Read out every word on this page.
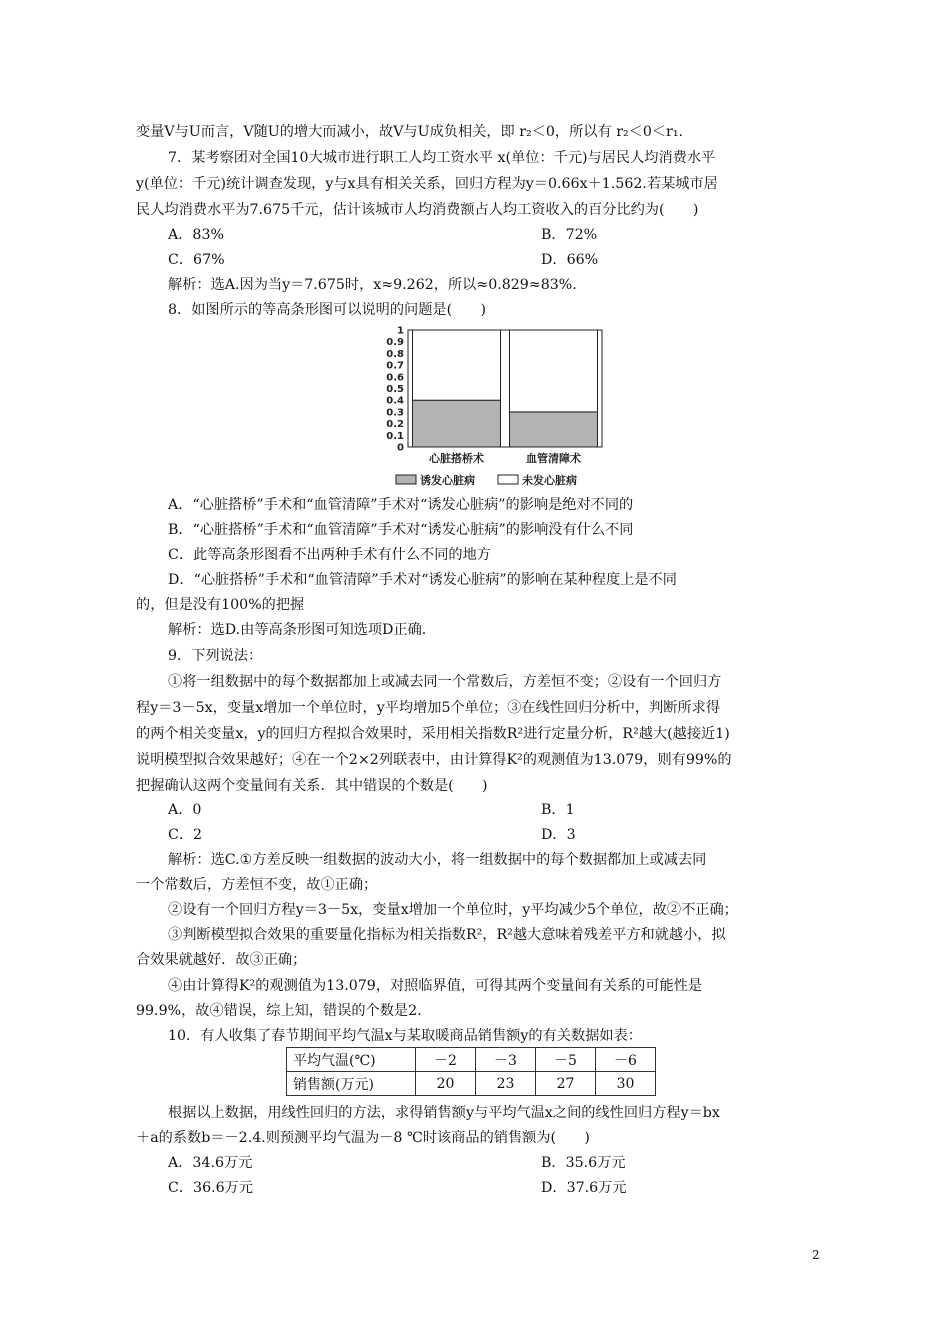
变量V与U而言，V随U的增大而减小，故V与U成负相关，即 r₂＜0，所以有 r₂＜0＜r₁.
7．某考察团对全国10大城市进行职工人均工资水平 x(单位：千元)与居民人均消费水平
y(单位：千元)统计调查发现，y与x具有相关关系，回归方程为y＝0.66x＋1.562.若某城市居
民人均消费水平为7.675千元，估计该城市人均消费额占人均工资收入的百分比约为(　　)
A．83%	B．72%
C．67%	D．66%
解析：选A.因为当y＝7.675时，x≈9.262，所以≈0.829≈83%.
8．如图所示的等高条形图可以说明的问题是(　　)
0
0.1
0.2
0.3
0.4
0.5
0.6
0.7
0.8
0.9
1
心脏搭桥术	血管清障术
诱发心脏病	未发心脏病
A．“心脏搭桥”手术和“血管清障”手术对“诱发心脏病”的影响是绝对不同的
B．“心脏搭桥”手术和“血管清障”手术对“诱发心脏病”的影响没有什么不同
C．此等高条形图看不出两种手术有什么不同的地方
D．“心脏搭桥”手术和“血管清障”手术对“诱发心脏病”的影响在某种程度上是不同
的，但是没有100%的把握
解析：选D.由等高条形图可知选项D正确.
9．下列说法：
①将一组数据中的每个数据都加上或减去同一个常数后，方差恒不变；②设有一个回归方
程y＝3－5x，变量x增加一个单位时，y平均增加5个单位；③在线性回归分析中，判断所求得
的两个相关变量x，y的回归方程拟合效果时，采用相关指数R²进行定量分析，R²越大(越接近1)
说明模型拟合效果越好；④在一个2×2列联表中，由计算得K²的观测值为13.079，则有99%的
把握确认这两个变量间有关系．其中错误的个数是(　　)
A．0	B．1
C．2	D．3
解析：选C.①方差反映一组数据的波动大小，将一组数据中的每个数据都加上或减去同
一个常数后，方差恒不变，故①正确；
②设有一个回归方程y＝3－5x，变量x增加一个单位时，y平均减少5个单位，故②不正确；
③判断模型拟合效果的重要量化指标为相关指数R²，R²越大意味着残差平方和就越小，拟
合效果就越好．故③正确；
④由计算得K²的观测值为13.079，对照临界值，可得其两个变量间有关系的可能性是
99.9%，故④错误，综上知，错误的个数是2.
10．有人收集了春节期间平均气温x与某取暖商品销售额y的有关数据如表：
平均气温(℃)	－2	－3	－5	－6
销售额(万元)	20	23	27	30
根据以上数据，用线性回归的方法，求得销售额y与平均气温x之间的线性回归方程y＝bx
＋a的系数b＝－2.4.则预测平均气温为－8 ℃时该商品的销售额为(　　)
A．34.6万元	B．35.6万元
C．36.6万元	D．37.6万元
2
